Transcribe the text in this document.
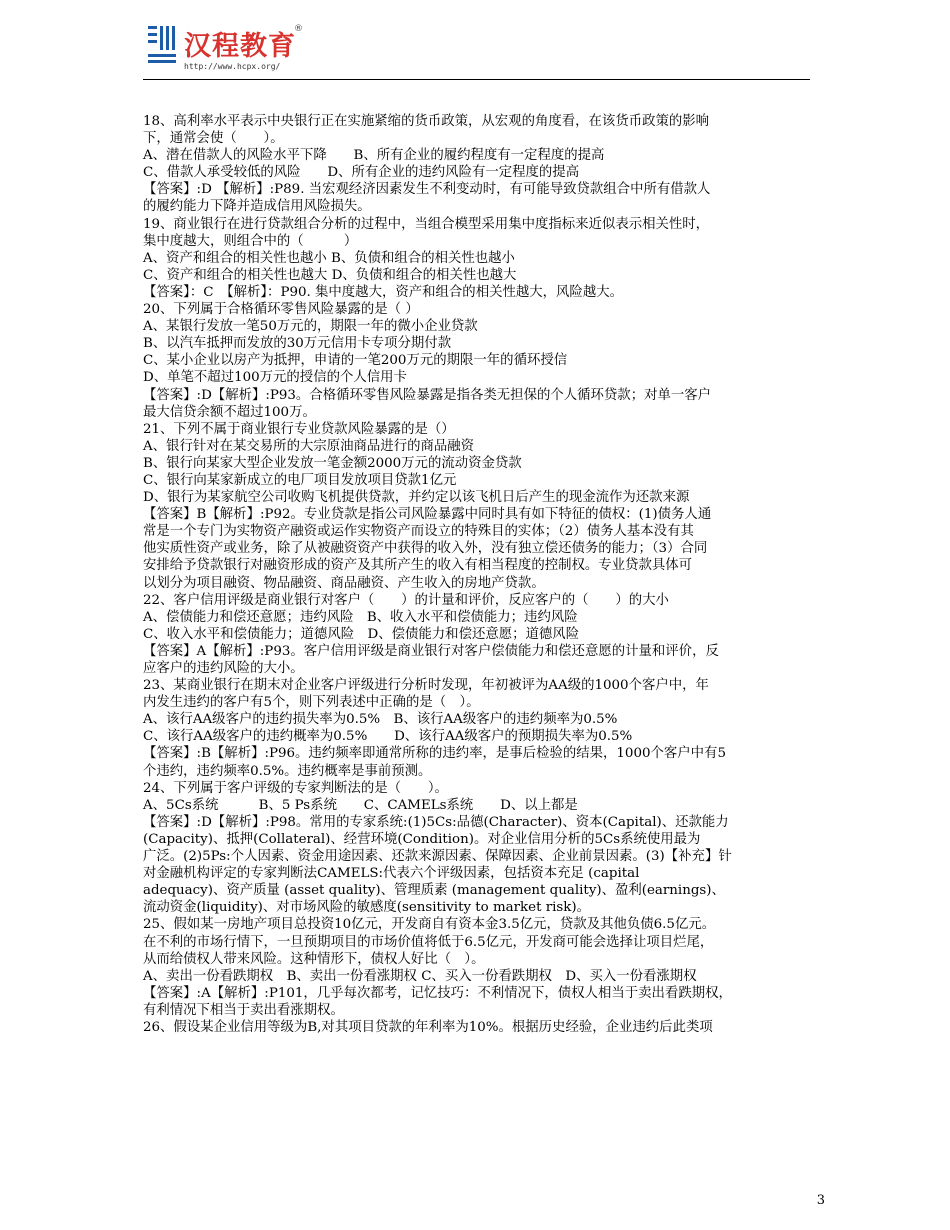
汉程教育
®
http://www.hcpx.org/
18、高利率水平表示中央银行正在实施紧缩的货币政策，从宏观的角度看，在该货币政策的影响
下，通常会使（　　）。
A、潜在借款人的风险水平下降　　B、所有企业的履约程度有一定程度的提高
C、借款人承受较低的风险　　D、所有企业的违约风险有一定程度的提高
【答案】:D 【解析】:P89. 当宏观经济因素发生不利变动时，有可能导致贷款组合中所有借款人
的履约能力下降并造成信用风险损失。
19、商业银行在进行贷款组合分析的过程中，当组合模型采用集中度指标来近似表示相关性时，
集中度越大，则组合中的（　　　）
A、资产和组合的相关性也越小 B、负债和组合的相关性也越小
C、资产和组合的相关性也越大 D、负债和组合的相关性也越大
【答案】：C　【解析】：P90. 集中度越大，资产和组合的相关性越大，风险越大。
20、下列属于合格循环零售风险暴露的是（ ）
A、某银行发放一笔50万元的，期限一年的微小企业贷款
B、以汽车抵押而发放的30万元信用卡专项分期付款
C、某小企业以房产为抵押，申请的一笔200万元的期限一年的循环授信
D、单笔不超过100万元的授信的个人信用卡
【答案】:D【解析】:P93。合格循环零售风险暴露是指各类无担保的个人循环贷款；对单一客户
最大信贷余额不超过100万。
21、下列不属于商业银行专业贷款风险暴露的是（）
A、银行针对在某交易所的大宗原油商品进行的商品融资
B、银行向某家大型企业发放一笔金额2000万元的流动资金贷款
C、银行向某家新成立的电厂项目发放项目贷款1亿元
D、银行为某家航空公司收购飞机提供贷款，并约定以该飞机日后产生的现金流作为还款来源
【答案】B【解析】:P92。专业贷款是指公司风险暴露中同时具有如下特征的债权：(1)债务人通
常是一个专门为实物资产融资或运作实物资产而设立的特殊目的实体；（2）债务人基本没有其
他实质性资产或业务，除了从被融资资产中获得的收入外，没有独立偿还债务的能力；（3）合同
安排给予贷款银行对融资形成的资产及其所产生的收入有相当程度的控制权。专业贷款具体可
以划分为项目融资、物品融资、商品融资、产生收入的房地产贷款。
22、客户信用评级是商业银行对客户（　　）的计量和评价，反应客户的（　　）的大小
A、偿债能力和偿还意愿；违约风险　B、收入水平和偿债能力；违约风险
C、收入水平和偿债能力；道德风险　D、偿债能力和偿还意愿；道德风险
【答案】A【解析】:P93。客户信用评级是商业银行对客户偿债能力和偿还意愿的计量和评价，反
应客户的违约风险的大小。
23、某商业银行在期末对企业客户评级进行分析时发现，年初被评为AA级的1000个客户中，年
内发生违约的客户有5个，则下列表述中正确的是（　）。
A、该行AA级客户的违约损失率为0.5%　B、该行AA级客户的违约频率为0.5%
C、该行AA级客户的违约概率为0.5%　　D、该行AA级客户的预期损失率为0.5%
【答案】:B【解析】:P96。违约频率即通常所称的违约率，是事后检验的结果，1000个客户中有5
个违约，违约频率0.5%。违约概率是事前预测。
24、下列属于客户评级的专家判断法的是（　　）。
A、5Cs系统　　　B、5 Ps系统　　C、CAMELs系统　　D、以上都是
【答案】:D【解析】:P98。常用的专家系统:(1)5Cs:品德(Character)、资本(Capital)、还款能力
(Capacity)、抵押(Collateral)、经营环境(Condition)。对企业信用分析的5Cs系统使用最为
广泛。(2)5Ps:个人因素、资金用途因素、还款来源因素、保障因素、企业前景因素。(3)【补充】针
对金融机构评定的专家判断法CAMELS:代表六个评级因素，包括资本充足 (capital
adequacy)、资产质量 (asset quality)、管理质素 (management quality)、盈利(earnings)、
流动资金(liquidity)、对市场风险的敏感度(sensitivity to market risk)。
25、假如某一房地产项目总投资10亿元，开发商自有资本金3.5亿元，贷款及其他负债6.5亿元。
在不利的市场行情下，一旦预期项目的市场价值将低于6.5亿元，开发商可能会选择让项目烂尾，
从而给债权人带来风险。这种情形下，债权人好比（　）。
A、卖出一份看跌期权　B、卖出一份看涨期权 C、买入一份看跌期权　D、买入一份看涨期权
【答案】:A【解析】:P101，几乎每次都考，记忆技巧：不利情况下，债权人相当于卖出看跌期权，
有利情况下相当于卖出看涨期权。
26、假设某企业信用等级为B,对其项目贷款的年利率为10%。根据历史经验，企业违约后此类项
3
